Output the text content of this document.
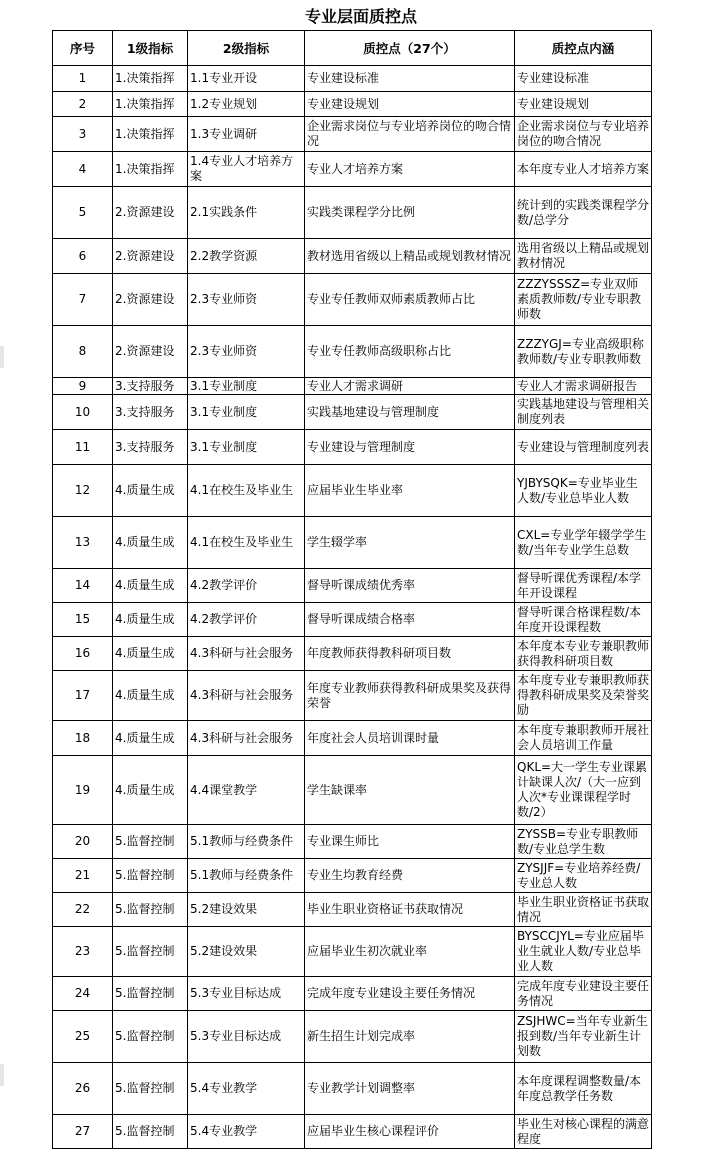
专业层面质控点
序号	1级指标	2级指标	质控点（27个）	质控点内涵
1	1.决策指挥	1.1专业开设	专业建设标准	专业建设标准
2	1.决策指挥	1.2专业规划	专业建设规划	专业建设规划
3	1.决策指挥	1.3专业调研	企业需求岗位与专业培养岗位的吻合情况	企业需求岗位与专业培养岗位的吻合情况
4	1.决策指挥	1.4专业人才培养方案	专业人才培养方案	本年度专业人才培养方案
5	2.资源建设	2.1实践条件	实践类课程学分比例	统计到的实践类课程学分数/总学分
6	2.资源建设	2.2教学资源	教材选用省级以上精品或规划教材情况	选用省级以上精品或规划教材情况
7	2.资源建设	2.3专业师资	专业专任教师双师素质教师占比	ZZZYSSSZ=专业双师素质教师数/专业专职教师数
8	2.资源建设	2.3专业师资	专业专任教师高级职称占比	ZZZYGJ=专业高级职称教师数/专业专职教师数
9	3.支持服务	3.1专业制度	专业人才需求调研	专业人才需求调研报告
10	3.支持服务	3.1专业制度	实践基地建设与管理制度	实践基地建设与管理相关制度列表
11	3.支持服务	3.1专业制度	专业建设与管理制度	专业建设与管理制度列表
12	4.质量生成	4.1在校生及毕业生	应届毕业生毕业率	YJBYSQK=专业毕业生人数/专业总毕业人数
13	4.质量生成	4.1在校生及毕业生	学生辍学率	CXL=专业学年辍学学生数/当年专业学生总数
14	4.质量生成	4.2教学评价	督导听课成绩优秀率	督导听课优秀课程/本学年开设课程
15	4.质量生成	4.2教学评价	督导听课成绩合格率	督导听课合格课程数/本年度开设课程数
16	4.质量生成	4.3科研与社会服务	年度教师获得教科研项目数	本年度本专业专兼职教师获得教科研项目数
17	4.质量生成	4.3科研与社会服务	年度专业教师获得教科研成果奖及获得荣誉	本年度专业专兼职教师获得教科研成果奖及荣誉奖励
18	4.质量生成	4.3科研与社会服务	年度社会人员培训课时量	本年度专兼职教师开展社会人员培训工作量
19	4.质量生成	4.4课堂教学	学生缺课率	QKL=大一学生专业课累计缺课人次/（大一应到人次*专业课课程学时数/2）
20	5.监督控制	5.1教师与经费条件	专业课生师比	ZYSSB=专业专职教师数/专业总学生数
21	5.监督控制	5.1教师与经费条件	专业生均教育经费	ZYSJJF=专业培养经费/专业总人数
22	5.监督控制	5.2建设效果	毕业生职业资格证书获取情况	毕业生职业资格证书获取情况
23	5.监督控制	5.2建设效果	应届毕业生初次就业率	BYSCCJYL=专业应届毕业生就业人数/专业总毕业人数
24	5.监督控制	5.3专业目标达成	完成年度专业建设主要任务情况	完成年度专业建设主要任务情况
25	5.监督控制	5.3专业目标达成	新生招生计划完成率	ZSJHWC=当年专业新生报到数/当年专业新生计划数
26	5.监督控制	5.4专业教学	专业教学计划调整率	本年度课程调整数量/本年度总教学任务数
27	5.监督控制	5.4专业教学	应届毕业生核心课程评价	毕业生对核心课程的满意程度
